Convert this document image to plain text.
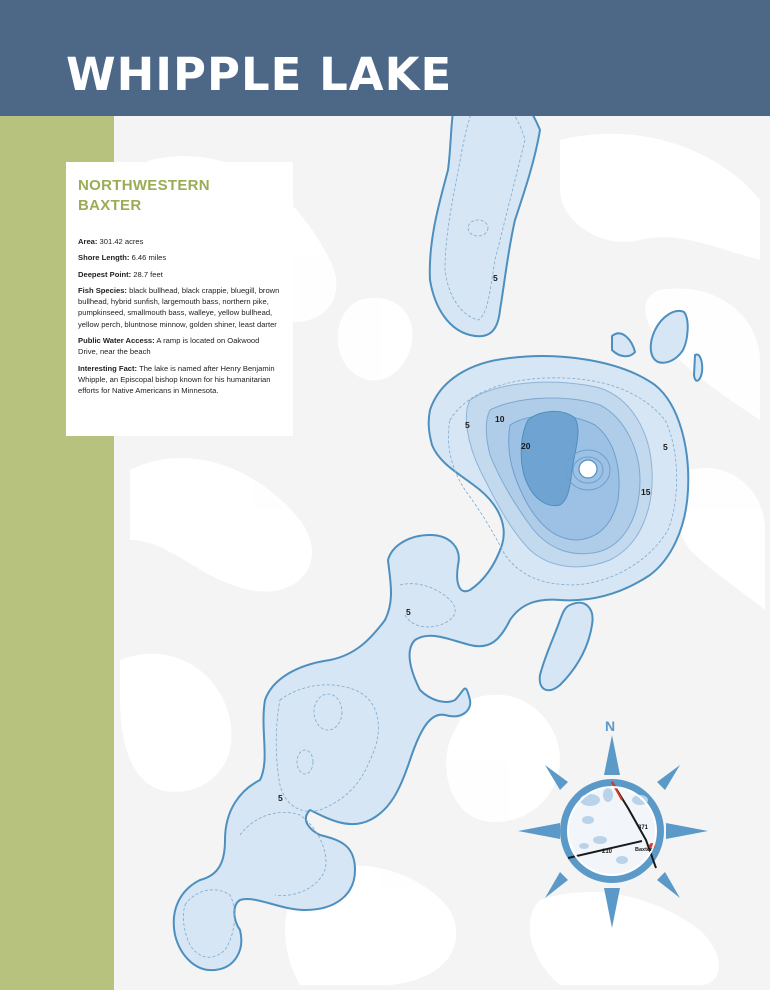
WHIPPLE LAKE
5
5
10
20	5
15
5
5
210
371
Baxter
N
NORTHWESTERN
BAXTER

Area: 301.42 acres

Shore Length: 6.46 miles

Deepest Point: 28.7 feet

Fish Species: black bullhead, black crappie, bluegill, brown bullhead, hybrid sunfish, largemouth bass, northern pike, pumpkinseed, smallmouth bass, walleye, yellow bullhead, yellow perch, bluntnose minnow, golden shiner, least darter

Public Water Access: A ramp is located on Oakwood Drive, near the beach

Interesting Fact: The lake is named after Henry Benjamin Whipple, an Episcopal bishop known for his humanitarian efforts for Native Americans in Minnesota.
